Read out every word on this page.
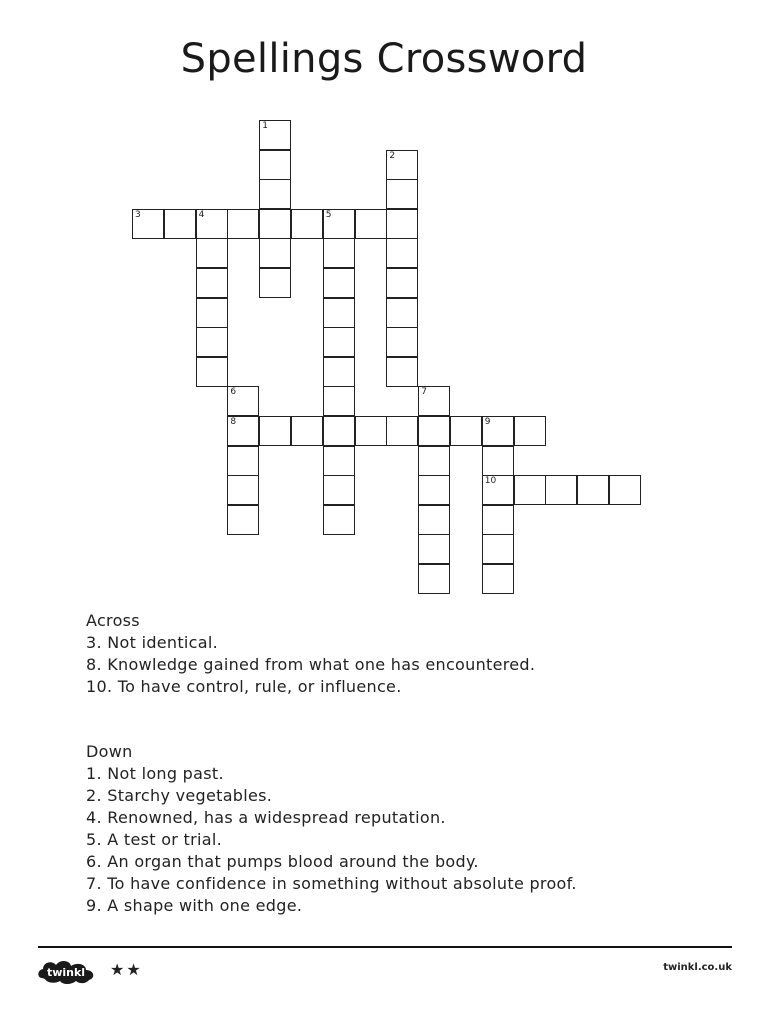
Spellings Crossword
1
2
3	4	5
6
8
7
9
10
Across
3. Not identical.
8. Knowledge gained from what one has encountered.
10. To have control, rule, or influence.
Down
1. Not long past.
2. Starchy vegetables.
4. Renowned, has a widespread reputation.
5. A test or trial.
6. An organ that pumps blood around the body.
7. To have confidence in something without absolute proof.
9. A shape with one edge.
twinkl ★★	twinkl.co.uk
